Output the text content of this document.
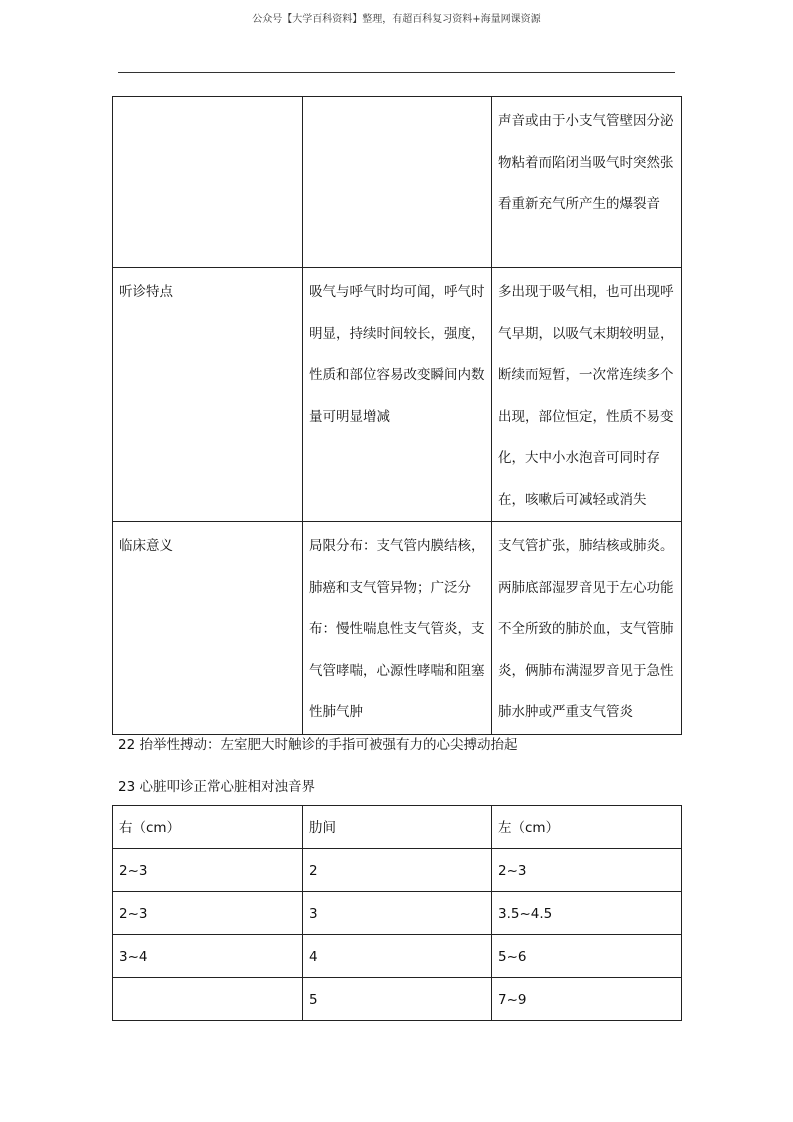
公众号【大学百科资料】整理，有超百科复习资料+海量网课资源
		声音或由于小支气管壁因分泌物粘着而陷闭当吸气时突然张看重新充气所产生的爆裂音
听诊特点	吸气与呼气时均可闻，呼气时明显，持续时间较长，强度，性质和部位容易改变瞬间内数量可明显增减	多出现于吸气相，也可出现呼气早期，以吸气末期较明显，断续而短暂，一次常连续多个出现，部位恒定，性质不易变化，大中小水泡音可同时存在，咳嗽后可减轻或消失
临床意义	局限分布：支气管内膜结核，肺癌和支气管异物；广泛分布：慢性喘息性支气管炎，支气管哮喘，心源性哮喘和阻塞性肺气肿	支气管扩张，肺结核或肺炎。两肺底部湿罗音见于左心功能不全所致的肺於血，支气管肺炎，俩肺布满湿罗音见于急性肺水肿或严重支气管炎
22 抬举性搏动：左室肥大时触诊的手指可被强有力的心尖搏动抬起
23 心脏叩诊正常心脏相对浊音界
右（cm）	肋间	左（cm）
2~3	2	2~3
2~3	3	3.5~4.5
3~4	4	5~6
	5	7~9
